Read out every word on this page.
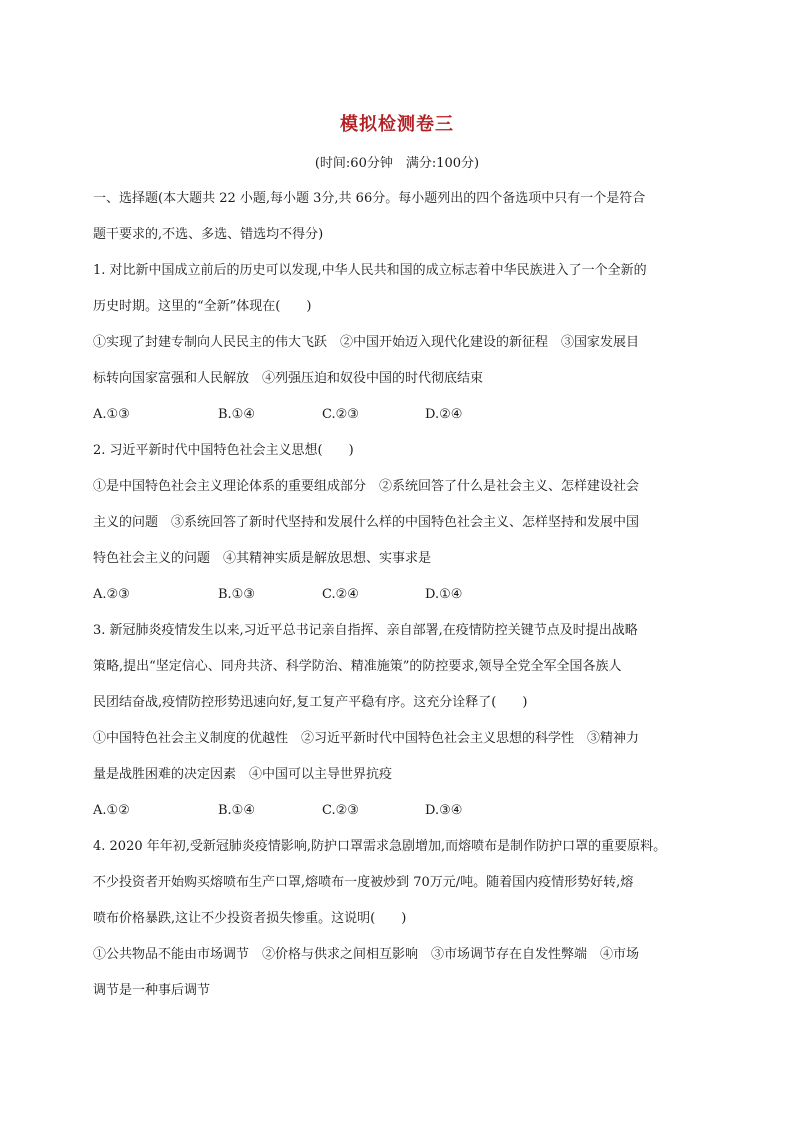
模拟检测卷三
(时间:60分钟　满分:100分)
一、选择题(本大题共 22 小题,每小题 3分,共 66分。每小题列出的四个备选项中只有一个是符合
题干要求的,不选、多选、错选均不得分)
1. 对比新中国成立前后的历史可以发现,中华人民共和国的成立标志着中华民族进入了一个全新的
历史时期。这里的“全新”体现在(　　)
①实现了封建专制向人民民主的伟大飞跃　②中国开始迈入现代化建设的新征程　③国家发展目
标转向国家富强和人民解放　④列强压迫和奴役中国的时代彻底结束
A.①③	B.①④	C.②③	D.②④
2. 习近平新时代中国特色社会主义思想(　　)
①是中国特色社会主义理论体系的重要组成部分　②系统回答了什么是社会主义、怎样建设社会
主义的问题　③系统回答了新时代坚持和发展什么样的中国特色社会主义、怎样坚持和发展中国
特色社会主义的问题　④其精神实质是解放思想、实事求是
A.②③	B.①③	C.②④	D.①④
3. 新冠肺炎疫情发生以来,习近平总书记亲自指挥、亲自部署,在疫情防控关键节点及时提出战略
策略,提出“坚定信心、同舟共济、科学防治、精准施策”的防控要求,领导全党全军全国各族人
民团结奋战,疫情防控形势迅速向好,复工复产平稳有序。这充分诠释了(　　)
①中国特色社会主义制度的优越性　②习近平新时代中国特色社会主义思想的科学性　③精神力
量是战胜困难的决定因素　④中国可以主导世界抗疫
A.①②	B.①④	C.②③	D.③④
4. 2020 年年初,受新冠肺炎疫情影响,防护口罩需求急剧增加,而熔喷布是制作防护口罩的重要原料。
不少投资者开始购买熔喷布生产口罩,熔喷布一度被炒到 70万元/吨。随着国内疫情形势好转,熔
喷布价格暴跌,这让不少投资者损失惨重。这说明(　　)
①公共物品不能由市场调节　②价格与供求之间相互影响　③市场调节存在自发性弊端　④市场
调节是一种事后调节
